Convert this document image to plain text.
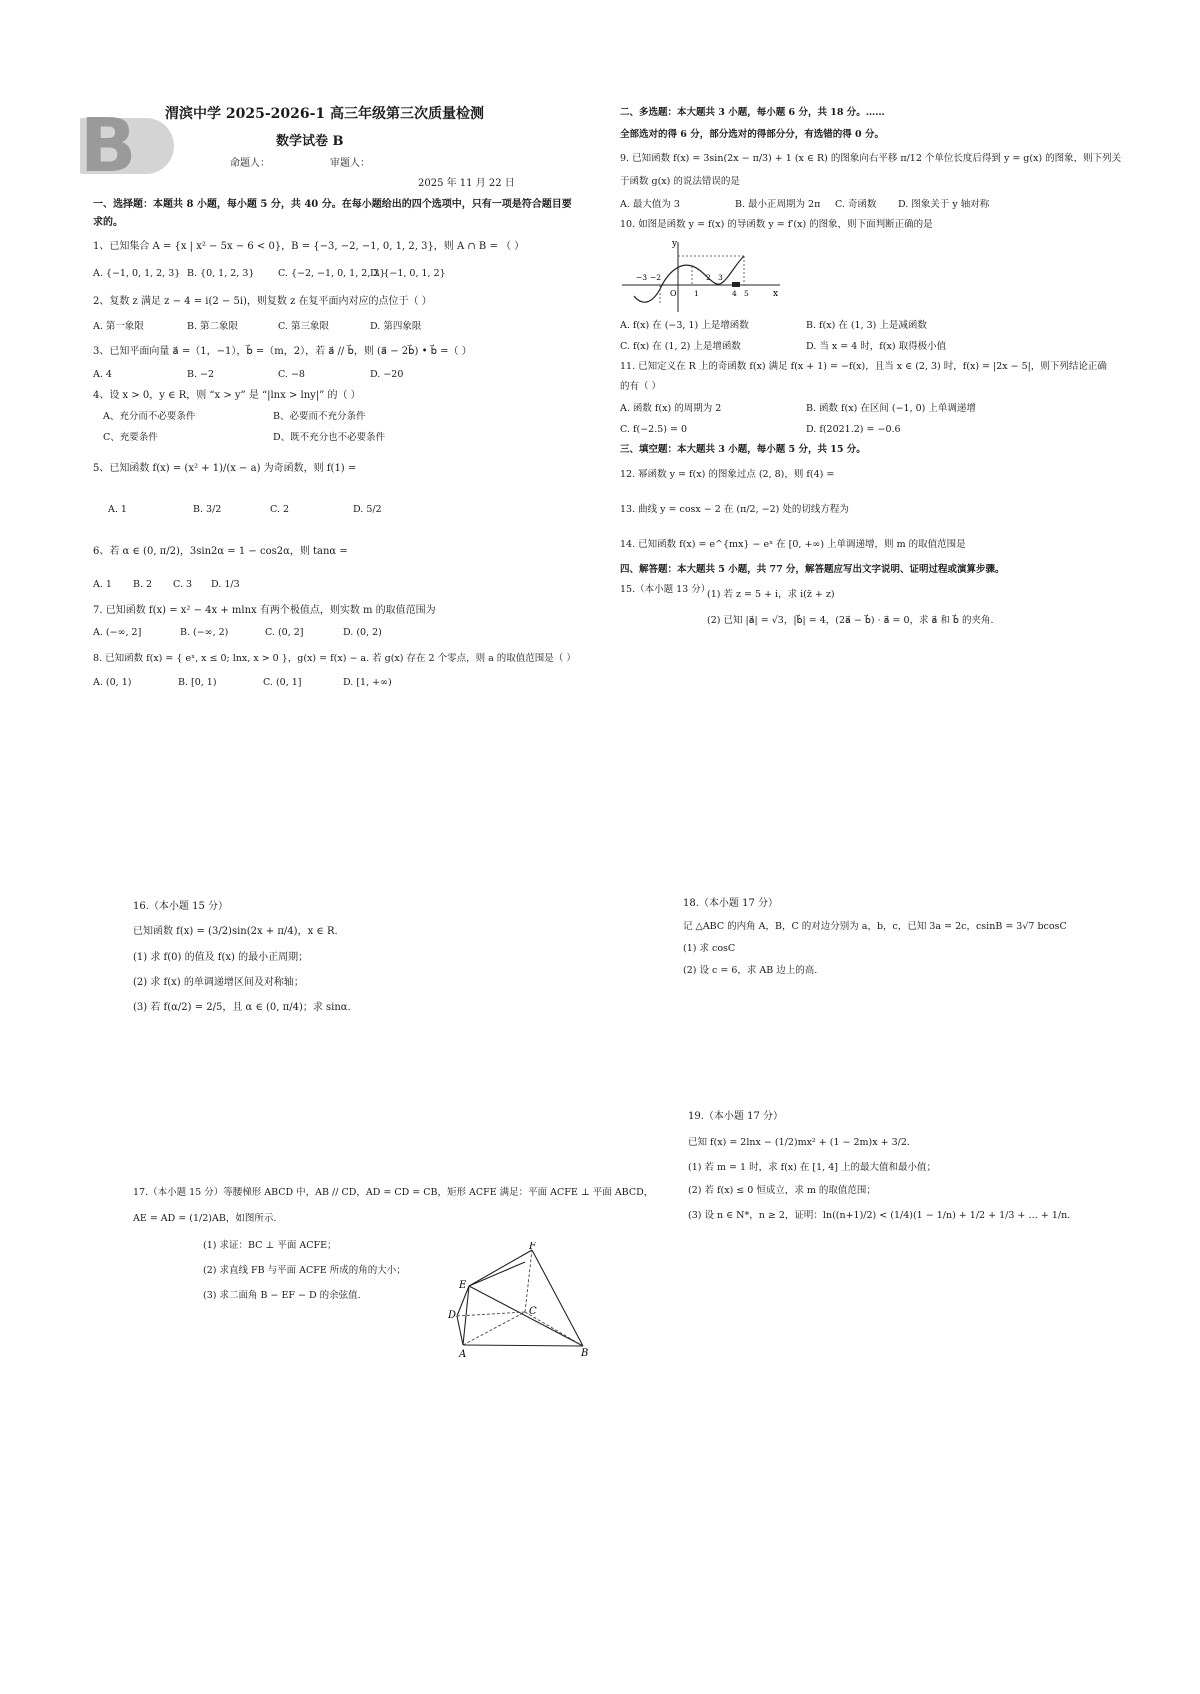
B	渭滨中学 2025-2026-1 高三年级第三次质量检测
数学试卷 B
命题人：	审题人：
2025 年 11 月 22 日
一、选择题：本题共 8 小题，每小题 5 分，共 40 分。在每小题给出的四个选项中，只有一项是符合题目要
求的。
1、已知集合 A = {x | x² − 5x − 6 < 0}，B = {−3, −2, −1, 0, 1, 2, 3}，则 A ∩ B = （ ）
A. {−1, 0, 1, 2, 3} B. {0, 1, 2, 3} C. {−2, −1, 0, 1, 2, 3}
D. {−1, 0, 1, 2}
2、复数 z 满足 z − 4 = i(2 − 5i)，则复数 z 在复平面内对应的点位于（ ）
A. 第一象限	B. 第二象限	C. 第三象限	D. 第四象限
3、已知平面向量 a⃗ =（1，−1），b⃗ =（m，2），若 a⃗ // b⃗，则 (a⃗ − 2b⃗) • b⃗ =（ ）
A. 4	B. −2	C. −8	D. −20
4、设 x > 0，y ∈ R，则 “x > y” 是 “|lnx > lny|” 的（ ）
A、充分而不必要条件	B、必要而不充分条件
C、充要条件	D、既不充分也不必要条件
5、已知函数 f(x) = (x² + 1)/(x − a) 为奇函数，则 f(1) =
A. 1	B. 3/2	C. 2	D. 5/2
6、若 α ∈ (0, π/2)，3sin2α = 1 − cos2α，则 tanα =
A. 1 B. 2 C. 3 D. 1/3
7. 已知函数 f(x) = x² − 4x + mlnx 有两个极值点，则实数 m 的取值范围为
A. (−∞, 2]	B. (−∞, 2)	C. (0, 2]	D. (0, 2)
8. 已知函数 f(x) = { eˣ, x ≤ 0; lnx, x > 0 }，g(x) = f(x) − a. 若 g(x) 存在 2 个零点，则 a 的取值范围是（ ）
A. (0, 1)	B. [0, 1)	C. (0, 1]	D. [1, +∞)
二、多选题：本大题共 3 小题，每小题 6 分，共 18 分。……
全部选对的得 6 分，部分选对的得部分分，有选错的得 0 分。
9. 已知函数 f(x) = 3sin(2x − π/3) + 1 (x ∈ R) 的图象向右平移 π/12 个单位长度后得到 y = g(x) 的图象，则下列关
于函数 g(x) 的说法错误的是
A. 最大值为 3	B. 最小正周期为 2π C. 奇函数 D. 图象关于 y 轴对称
10. 如图是函数 y = f(x) 的导函数 y = f′(x) 的图象，则下面判断正确的是
x
y
O
−3 −2
1
2 3
4 5
A. f(x) 在 (−3, 1) 上是增函数	B. f(x) 在 (1, 3) 上是减函数
C. f(x) 在 (1, 2) 上是增函数	D. 当 x = 4 时，f(x) 取得极小值
11. 已知定义在 R 上的奇函数 f(x) 满足 f(x + 1) = −f(x)，且当 x ∈ (2, 3) 时，f(x) = |2x − 5|，则下列结论正确
的有（ ）
A. 函数 f(x) 的周期为 2	B. 函数 f(x) 在区间 (−1, 0) 上单调递增
C. f(−2.5) = 0	D. f(2021.2) = −0.6
三、填空题：本大题共 3 小题，每小题 5 分，共 15 分。
12. 幂函数 y = f(x) 的图象过点 (2, 8)，则 f(4) =
13. 曲线 y = cosx − 2 在 (π/2, −2) 处的切线方程为
14. 已知函数 f(x) = e^{mx} − eˣ 在 [0, +∞) 上单调递增，则 m 的取值范围是
四、解答题：本大题共 5 小题，共 77 分，解答题应写出文字说明、证明过程或演算步骤。
15.（本小题 13 分）
(1) 若 z = 5 + i，求 i(z̄ + z)
(2) 已知 |a⃗| = √3，|b⃗| = 4，(2a⃗ − b⃗) · a⃗ = 0，求 a⃗ 和 b⃗ 的夹角.
16.（本小题 15 分）
已知函数 f(x) = (3/2)sin(2x + π/4)，x ∈ R.
(1) 求 f(0) 的值及 f(x) 的最小正周期；
(2) 求 f(x) 的单调递增区间及对称轴；
(3) 若 f(α/2) = 2/5，且 α ∈ (0, π/4)；求 sinα.
17.（本小题 15 分）等腰梯形 ABCD 中，AB // CD，AD = CD = CB，矩形 ACFE 满足：平面 ACFE ⊥ 平面 ABCD，
AE = AD = (1/2)AB，如图所示.
(1) 求证：BC ⊥ 平面 ACFE；
(2) 求直线 FB 与平面 ACFE 所成的角的大小；
(3) 求二面角 B − EF − D 的余弦值.
F
E
D	C
A	B
18.（本小题 17 分）
记 △ABC 的内角 A，B，C 的对边分别为 a，b，c，已知 3a = 2c，csinB = 3√7 bcosC
(1) 求 cosC
(2) 设 c = 6，求 AB 边上的高.
19.（本小题 17 分）
已知 f(x) = 2lnx − (1/2)mx² + (1 − 2m)x + 3/2.
(1) 若 m = 1 时，求 f(x) 在 [1, 4] 上的最大值和最小值；
(2) 若 f(x) ≤ 0 恒成立，求 m 的取值范围；
(3) 设 n ∈ N*，n ≥ 2，证明：ln((n+1)/2) < (1/4)(1 − 1/n) + 1/2 + 1/3 + … + 1/n.
